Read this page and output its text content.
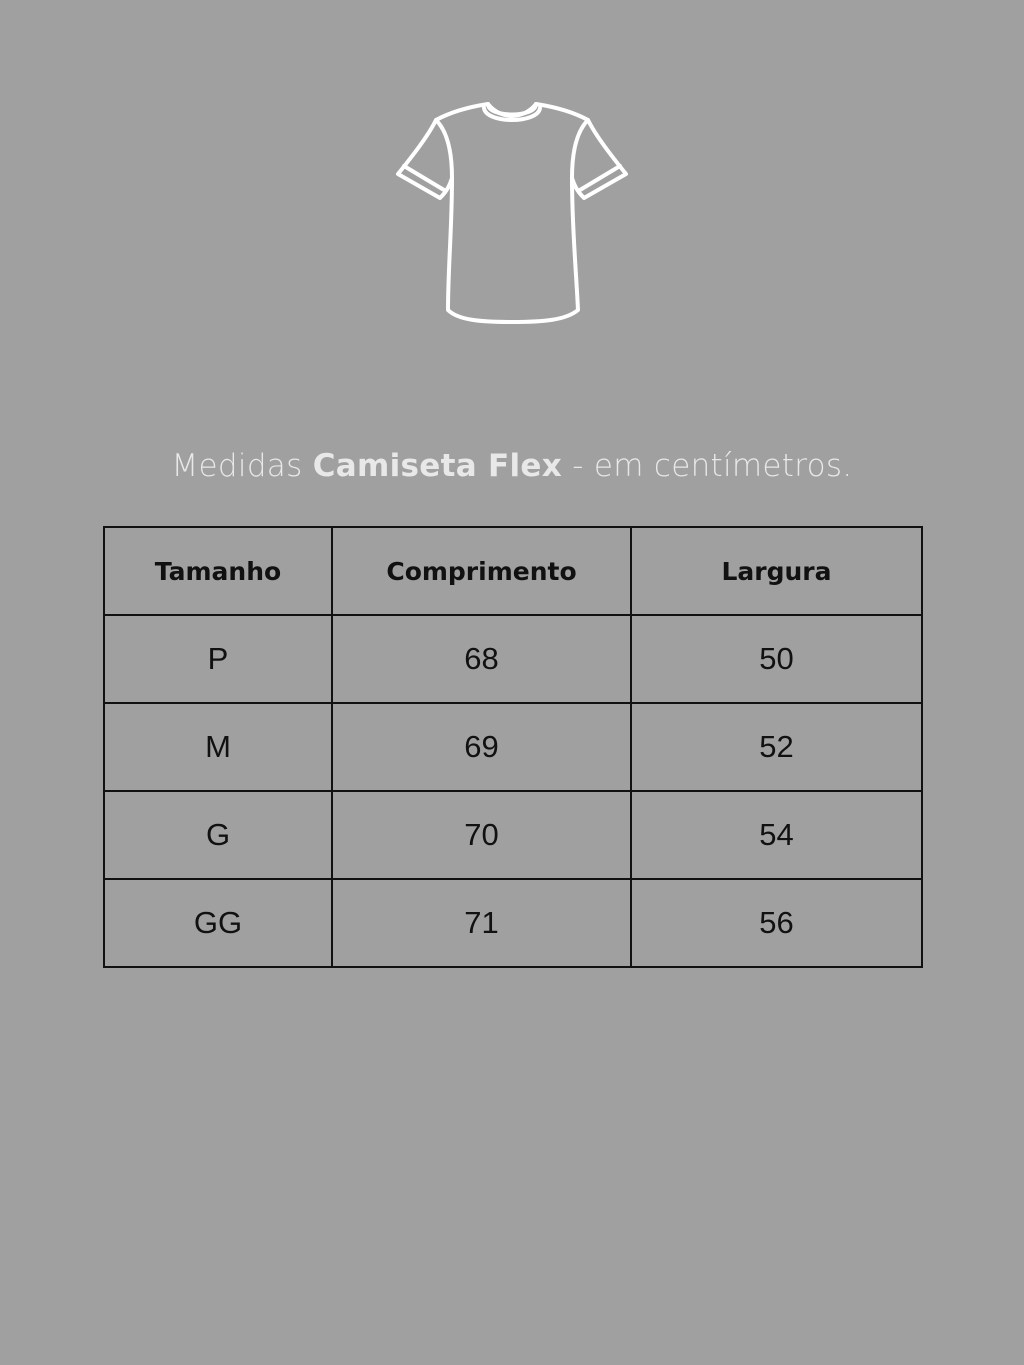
Medidas Camiseta Flex - em centímetros.
Tamanho	Comprimento	Largura
P	68	50
M	69	52
G	70	54
GG	71	56
